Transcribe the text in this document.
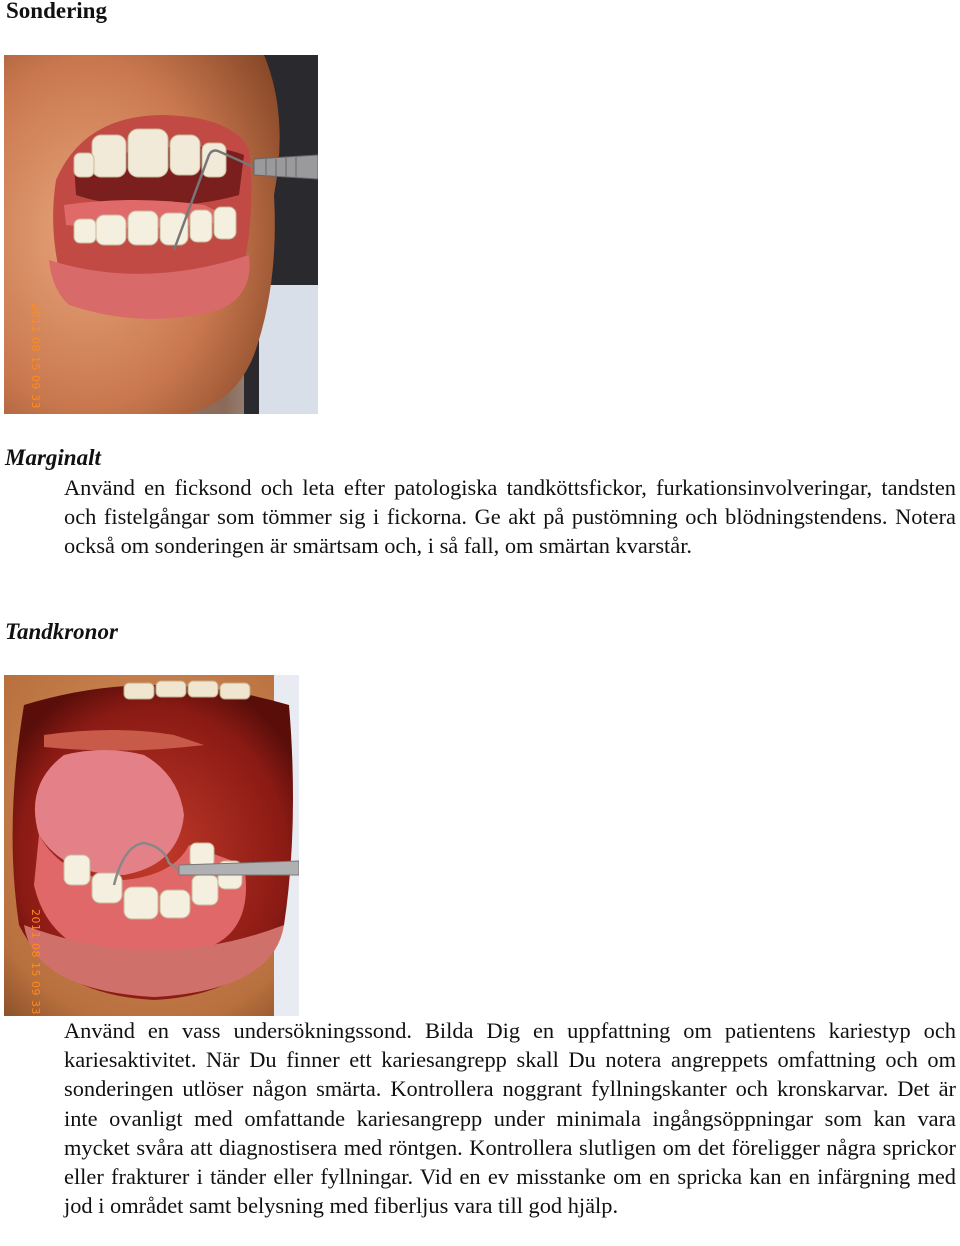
Sondering
2011 08 15 09 33
Marginalt

Använd en ficksond och leta efter patologiska tandköttsfickor, furkationsinvolveringar, tandsten och fistelgångar som tömmer sig i fickorna. Ge akt på pustömning och blödningstendens. Notera också om sonderingen är smärtsam och, i så fall, om smärtan kvarstår.

Tandkronor
2011 08 15 09 33

Använd en vass undersökningssond. Bilda Dig en uppfattning om patientens kariestyp och kariesaktivitet. När Du finner ett kariesangrepp skall Du notera angreppets omfattning och om sonderingen utlöser någon smärta. Kontrollera noggrant fyllningskanter och kronskarvar. Det är inte ovanligt med omfattande kariesangrepp under minimala ingångsöppningar som kan vara mycket svåra att diagnostisera med röntgen. Kontrollera slutligen om det föreligger några sprickor eller frakturer i tänder eller fyllningar. Vid en ev misstanke om en spricka kan en infärgning med jod i området samt belysning med fiberljus vara till god hjälp.
